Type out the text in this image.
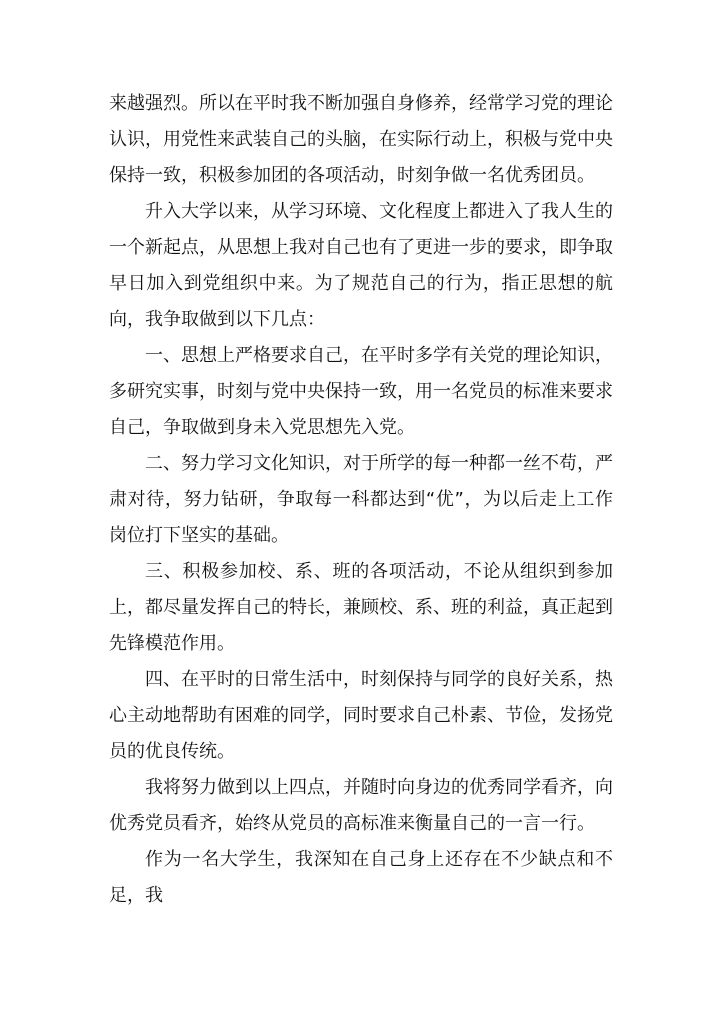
来越强烈。所以在平时我不断加强自身修养，经常学习党的理论认识，用党性来武装自己的头脑，在实际行动上，积极与党中央保持一致，积极参加团的各项活动，时刻争做一名优秀团员。

升入大学以来，从学习环境、文化程度上都进入了我人生的一个新起点，从思想上我对自己也有了更进一步的要求，即争取早日加入到党组织中来。为了规范自己的行为，指正思想的航向，我争取做到以下几点：

一、思想上严格要求自己，在平时多学有关党的理论知识，多研究实事，时刻与党中央保持一致，用一名党员的标准来要求自己，争取做到身未入党思想先入党。

二、努力学习文化知识，对于所学的每一种都一丝不苟，严肃对待，努力钻研，争取每一科都达到“优”，为以后走上工作岗位打下坚实的基础。

三、积极参加校、系、班的各项活动，不论从组织到参加上，都尽量发挥自己的特长，兼顾校、系、班的利益，真正起到先锋模范作用。

四、在平时的日常生活中，时刻保持与同学的良好关系，热心主动地帮助有困难的同学，同时要求自己朴素、节俭，发扬党员的优良传统。

我将努力做到以上四点，并随时向身边的优秀同学看齐，向优秀党员看齐，始终从党员的高标准来衡量自己的一言一行。

作为一名大学生，我深知在自己身上还存在不少缺点和不足，我
